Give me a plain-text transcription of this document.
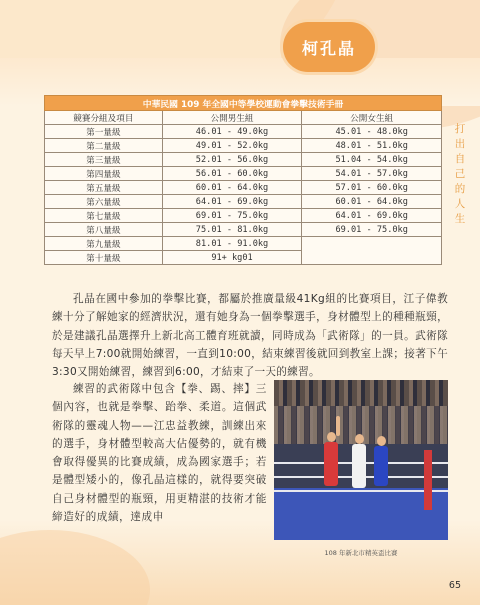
柯孔晶
打
出
自
己
的
人
生
中華民國 109 年全國中等學校運動會拳擊技術手冊		
競賽分組及項目	公開男生組	公開女生組
第一量級	46.01 - 49.0kg	45.01 - 48.0kg
第二量級	49.01 - 52.0kg	48.01 - 51.0kg
第三量級	52.01 - 56.0kg	51.04 - 54.0kg
第四量級	56.01 - 60.0kg	54.01 - 57.0kg
第五量級	60.01 - 64.0kg	57.01 - 60.0kg
第六量級	64.01 - 69.0kg	60.01 - 64.0kg
第七量級	69.01 - 75.0kg	64.01 - 69.0kg
第八量級	75.01 - 81.0kg	69.01 - 75.0kg
第九量級	81.01 - 91.0kg	
第十量級	91+ kg01	

孔晶在國中參加的拳擊比賽，都屬於推廣量級41Kg組的比賽項目，江子偉教練十分了解她家的經濟狀況，還有她身為一個拳擊選手，身材體型上的種種瓶頸，於是建議孔晶選擇升上新北高工體育班就讀，同時成為「武術隊」的一員。武術隊每天早上7:00就開始練習，一直到10:00，結束練習後就回到教室上課；接著下午3:30又開始練習，練習到6:00，才結束了一天的練習。

練習的武術隊中包含【拳、踢、摔】三個內容，也就是拳擊、跆拳、柔道。這個武術隊的靈魂人物——江忠益教練，訓練出來的選手，身材體型較高大佔優勢的，就有機會取得優異的比賽成績，成為國家選手；若是體型矮小的，像孔晶這樣的，就得要突破自己身材體型的瓶頸，用更精湛的技術才能締造好的成績，達成申

108 年新北市精英盃比賽
65
